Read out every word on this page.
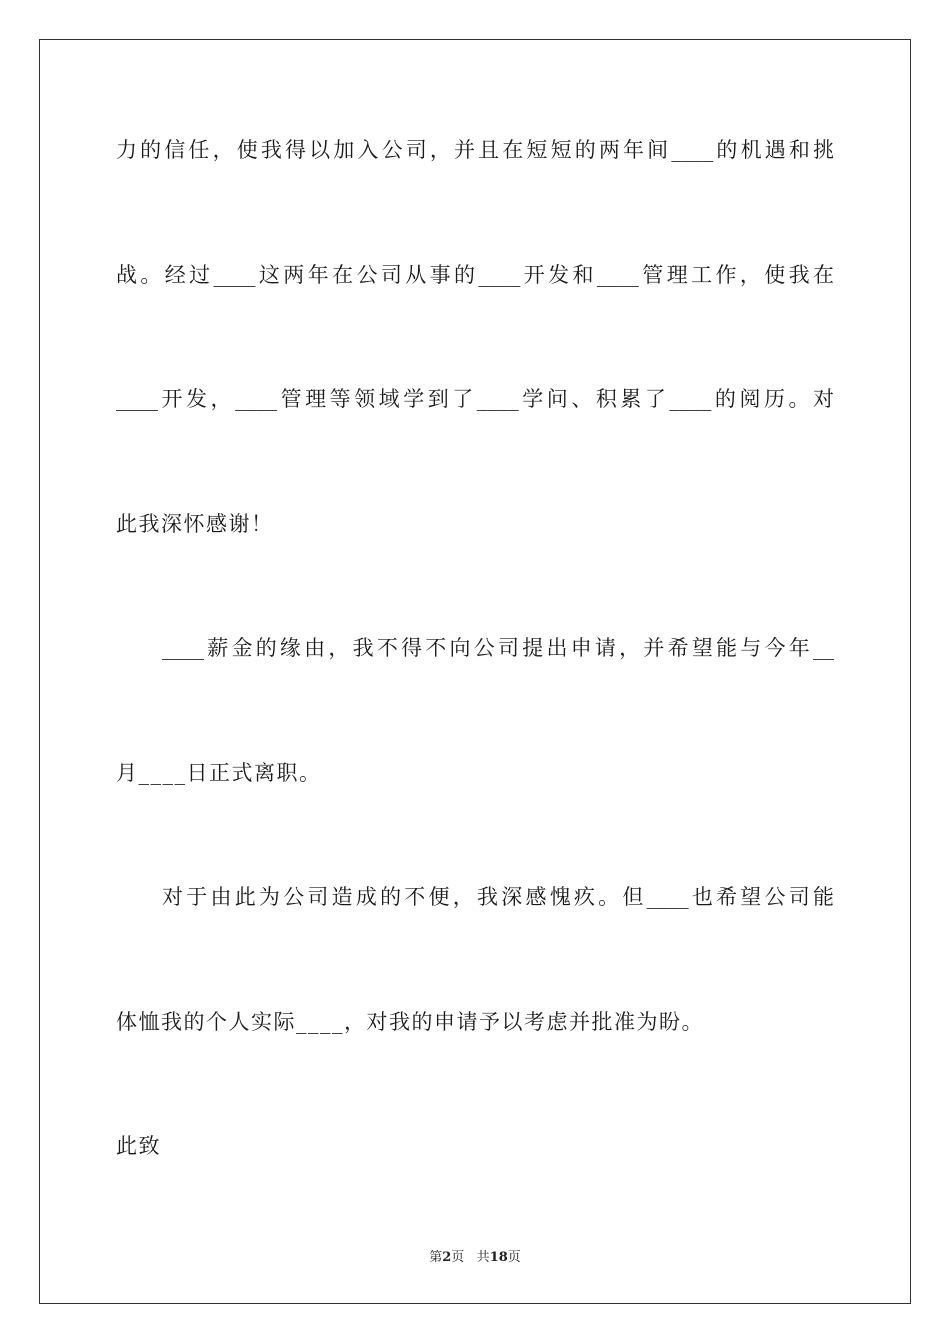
力的信任，使我得以加入公司，并且在短短的两年间____的机遇和挑
战。经过____这两年在公司从事的____开发和____管理工作，使我在
____开发，____管理等领域学到了____学问、积累了____的阅历。对
此我深怀感谢！
____薪金的缘由，我不得不向公司提出申请，并希望能与今年__
月____日正式离职。
对于由此为公司造成的不便，我深感愧疚。但____也希望公司能
体恤我的个人实际____，对我的申请予以考虑并批准为盼。
此致
第2页 共18页
